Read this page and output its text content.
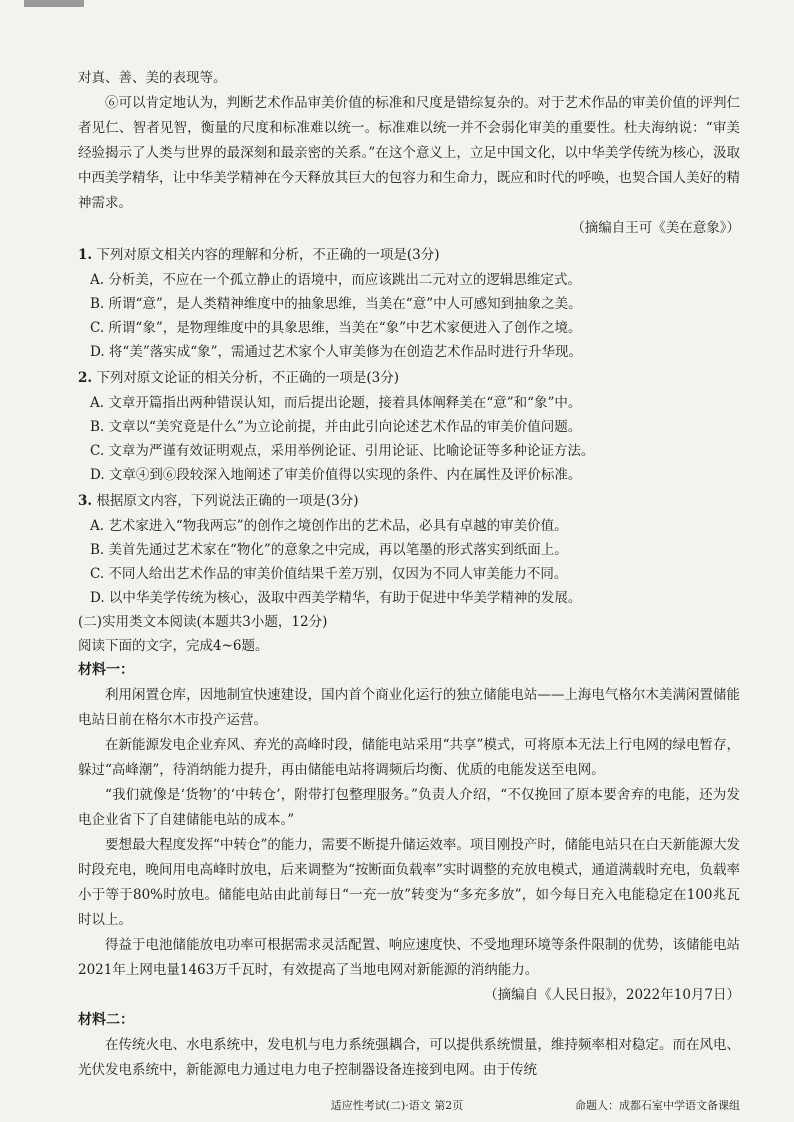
对真、善、美的表现等。

⑥可以肯定地认为，判断艺术作品审美价值的标准和尺度是错综复杂的。对于艺术作品的审美价值的评判仁者见仁、智者见智，衡量的尺度和标准难以统一。标准难以统一并不会弱化审美的重要性。杜夫海纳说：“审美经验揭示了人类与世界的最深刻和最亲密的关系。”在这个意义上，立足中国文化，以中华美学传统为核心，汲取中西美学精华，让中华美学精神在今天释放其巨大的包容力和生命力，既应和时代的呼唤，也契合国人美好的精神需求。

（摘编自王可《美在意象》）

1. 下列对原文相关内容的理解和分析，不正确的一项是(3分)

A. 分析美，不应在一个孤立静止的语境中，而应该跳出二元对立的逻辑思维定式。

B. 所谓“意”，是人类精神维度中的抽象思维，当美在“意”中人可感知到抽象之美。

C. 所谓“象”，是物理维度中的具象思维，当美在“象”中艺术家便进入了创作之境。

D. 将“美”落实成“象”，需通过艺术家个人审美修为在创造艺术作品时进行升华现。

2. 下列对原文论证的相关分析，不正确的一项是(3分)

A. 文章开篇指出两种错误认知，而后提出论题，接着具体阐释美在“意”和“象”中。

B. 文章以“美究竟是什么”为立论前提，并由此引向论述艺术作品的审美价值问题。

C. 文章为严谨有效证明观点，采用举例论证、引用论证、比喻论证等多种论证方法。

D. 文章④到⑥段较深入地阐述了审美价值得以实现的条件、内在属性及评价标准。

3. 根据原文内容，下列说法正确的一项是(3分)

A. 艺术家进入“物我两忘”的创作之境创作出的艺术品，必具有卓越的审美价值。

B. 美首先通过艺术家在“物化”的意象之中完成，再以笔墨的形式落实到纸面上。

C. 不同人给出艺术作品的审美价值结果千差万别，仅因为不同人审美能力不同。

D. 以中华美学传统为核心，汲取中西美学精华，有助于促进中华美学精神的发展。

(二)实用类文本阅读(本题共3小题，12分)

阅读下面的文字，完成4~6题。

材料一：

利用闲置仓库，因地制宜快速建设，国内首个商业化运行的独立储能电站——上海电气格尔木美满闲置储能电站日前在格尔木市投产运营。

在新能源发电企业弃风、弃光的高峰时段，储能电站采用“共享”模式，可将原本无法上行电网的绿电暂存，躲过“高峰潮”，待消纳能力提升，再由储能电站将调频后均衡、优质的电能发送至电网。

“我们就像是‘货物’的‘中转仓’，附带打包整理服务。”负责人介绍，“不仅挽回了原本要舍弃的电能，还为发电企业省下了自建储能电站的成本。”

要想最大程度发挥“中转仓”的能力，需要不断提升储运效率。项目刚投产时，储能电站只在白天新能源大发时段充电，晚间用电高峰时放电，后来调整为“按断面负载率”实时调整的充放电模式，通道满载时充电，负载率小于等于80%时放电。储能电站由此前每日“一充一放”转变为“多充多放”，如今每日充入电能稳定在100兆瓦时以上。

得益于电池储能放电功率可根据需求灵活配置、响应速度快、不受地理环境等条件限制的优势，该储能电站2021年上网电量1463万千瓦时，有效提高了当地电网对新能源的消纳能力。

（摘编自《人民日报》，2022年10月7日）

材料二：

在传统火电、水电系统中，发电机与电力系统强耦合，可以提供系统惯量，维持频率相对稳定。而在风电、光伏发电系统中，新能源电力通过电力电子控制器设备连接到电网。由于传统

适应性考试(二)·语文 第2页	命题人：成都石室中学语文备课组
